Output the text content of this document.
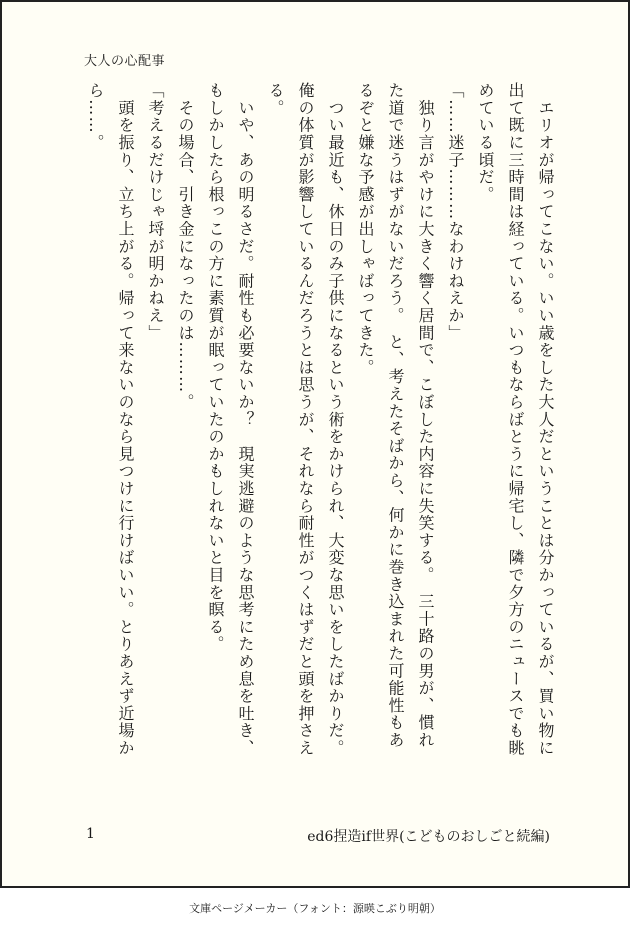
大人の心配事

　エリオが帰ってこない。いい歳をした大人だということは分かっているが、買い物に

出て既に三時間は経っている。いつもならばとうに帰宅し、隣で夕方のニュースでも眺

めている頃だ。

「……迷子………なわけねえか」

　独り言がやけに大きく響く居間で、こぼした内容に失笑する。　三十路の男が、慣れ

た道で迷うはずがないだろう。　と、考えたそばから、何かに巻き込まれた可能性もあ

るぞと嫌な予感が出しゃばってきた。

　つい最近も、休日のみ子供になるという術をかけられ、大変な思いをしたばかりだ。

俺の体質が影響しているんだろうとは思うが、それなら耐性がつくはずだと頭を押さえ

る。

　いや、あの明るさだ。耐性も必要ないか？　現実逃避のような思考にため息を吐き、

もしかしたら根っこの方に素質が眠っていたのかもしれないと目を瞑る。

　その場合、引き金になったのは………。

「考えるだけじゃ埒が明かねえ」

　頭を振り、立ち上がる。帰って来ないのなら見つけに行けばいい。とりあえず近場か

ら……。

1	ed6捏造if世界(こどものおしごと続編)
文庫ページメーカー（フォント：源暎こぶり明朝）
